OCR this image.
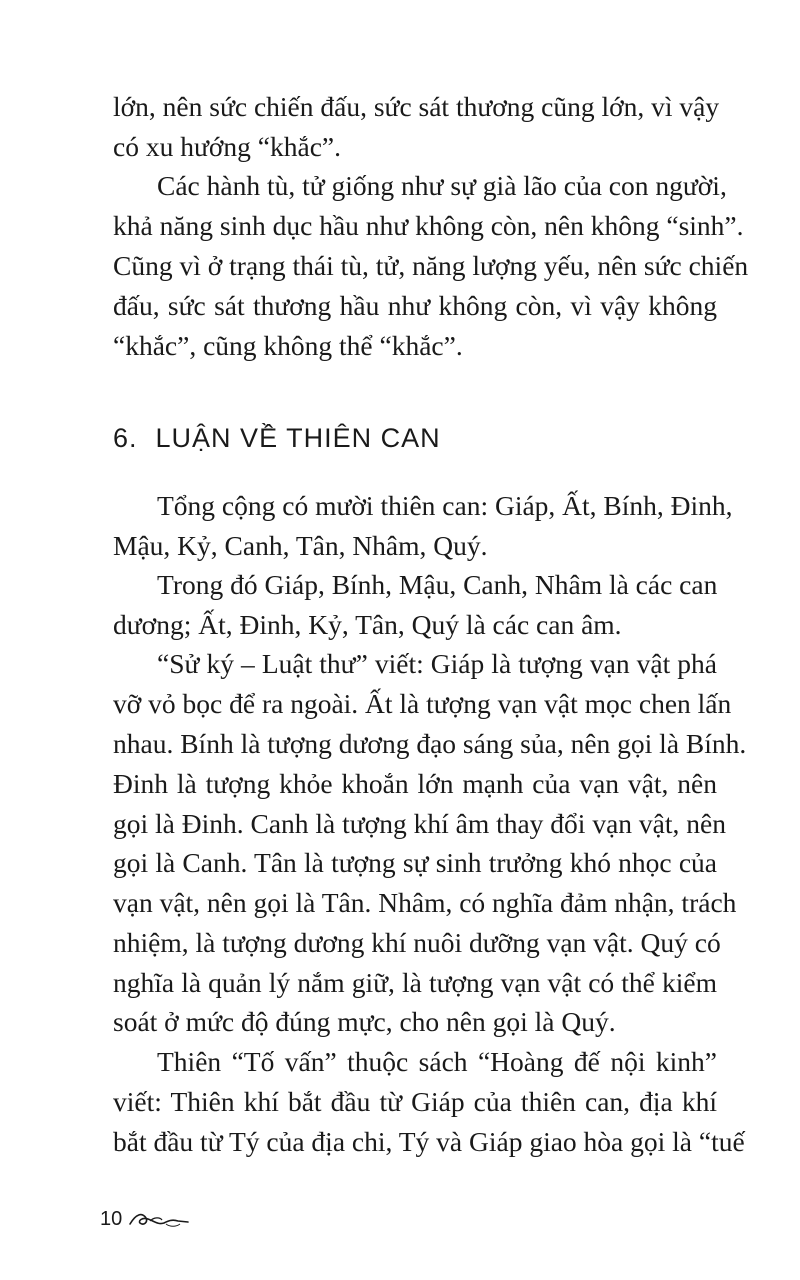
lớn, nên sức chiến đấu, sức sát thương cũng lớn, vì vậy
có xu hướng “khắc”.
Các hành tù, tử giống như sự già lão của con người,
khả năng sinh dục hầu như không còn, nên không “sinh”.
Cũng vì ở trạng thái tù, tử, năng lượng yếu, nên sức chiến
đấu, sức sát thương hầu như không còn, vì vậy không
“khắc”, cũng không thể “khắc”.
6. LUẬN VỀ THIÊN CAN
Tổng cộng có mười thiên can: Giáp, Ất, Bính, Đinh,
Mậu, Kỷ, Canh, Tân, Nhâm, Quý.
Trong đó Giáp, Bính, Mậu, Canh, Nhâm là các can
dương; Ất, Đinh, Kỷ, Tân, Quý là các can âm.
“Sử ký – Luật thư” viết: Giáp là tượng vạn vật phá
vỡ vỏ bọc để ra ngoài. Ất là tượng vạn vật mọc chen lấn
nhau. Bính là tượng dương đạo sáng sủa, nên gọi là Bính.
Đinh là tượng khỏe khoắn lớn mạnh của vạn vật, nên
gọi là Đinh. Canh là tượng khí âm thay đổi vạn vật, nên
gọi là Canh. Tân là tượng sự sinh trưởng khó nhọc của
vạn vật, nên gọi là Tân. Nhâm, có nghĩa đảm nhận, trách
nhiệm, là tượng dương khí nuôi dưỡng vạn vật. Quý có
nghĩa là quản lý nắm giữ, là tượng vạn vật có thể kiểm
soát ở mức độ đúng mực, cho nên gọi là Quý.
Thiên “Tố vấn” thuộc sách “Hoàng đế nội kinh”
viết: Thiên khí bắt đầu từ Giáp của thiên can, địa khí
bắt đầu từ Tý của địa chi, Tý và Giáp giao hòa gọi là “tuế
10
